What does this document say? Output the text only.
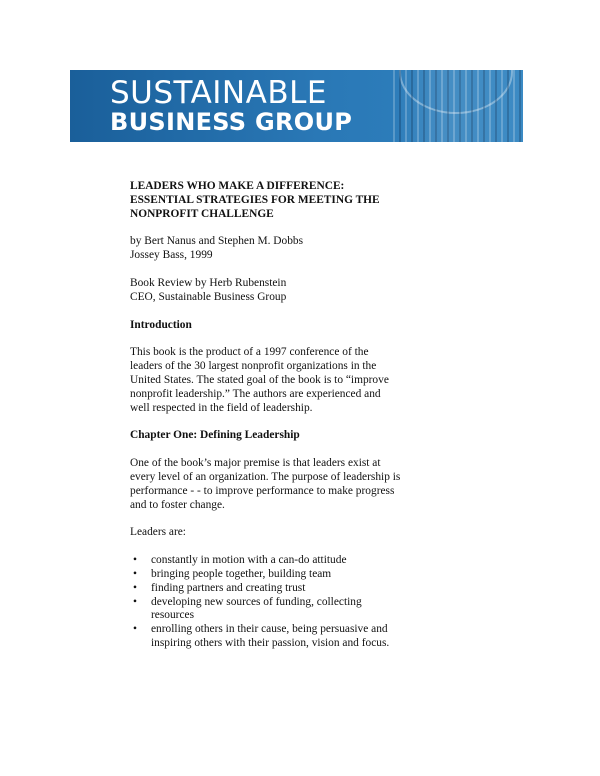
SUSTAINABLE
BUSINESS GROUP
LEADERS WHO MAKE A DIFFERENCE:
ESSENTIAL STRATEGIES FOR MEETING THE
NONPROFIT CHALLENGE

by Bert Nanus and Stephen M. Dobbs
Jossey Bass, 1999

Book Review by Herb Rubenstein
CEO, Sustainable Business Group

Introduction

This book is the product of a 1997 conference of the leaders of the 30 largest nonprofit organizations in the United States. The stated goal of the book is to “improve nonprofit leadership.” The authors are experienced and well respected in the field of leadership.

Chapter One: Defining Leadership

One of the book’s major premise is that leaders exist at every level of an organization. The purpose of leadership is performance - - to improve performance to make progress and to foster change.

Leaders are:

• constantly in motion with a can-do attitude
• bringing people together, building team
• finding partners and creating trust
• developing new sources of funding, collecting resources
• enrolling others in their cause, being persuasive and inspiring others with their passion, vision and focus.
